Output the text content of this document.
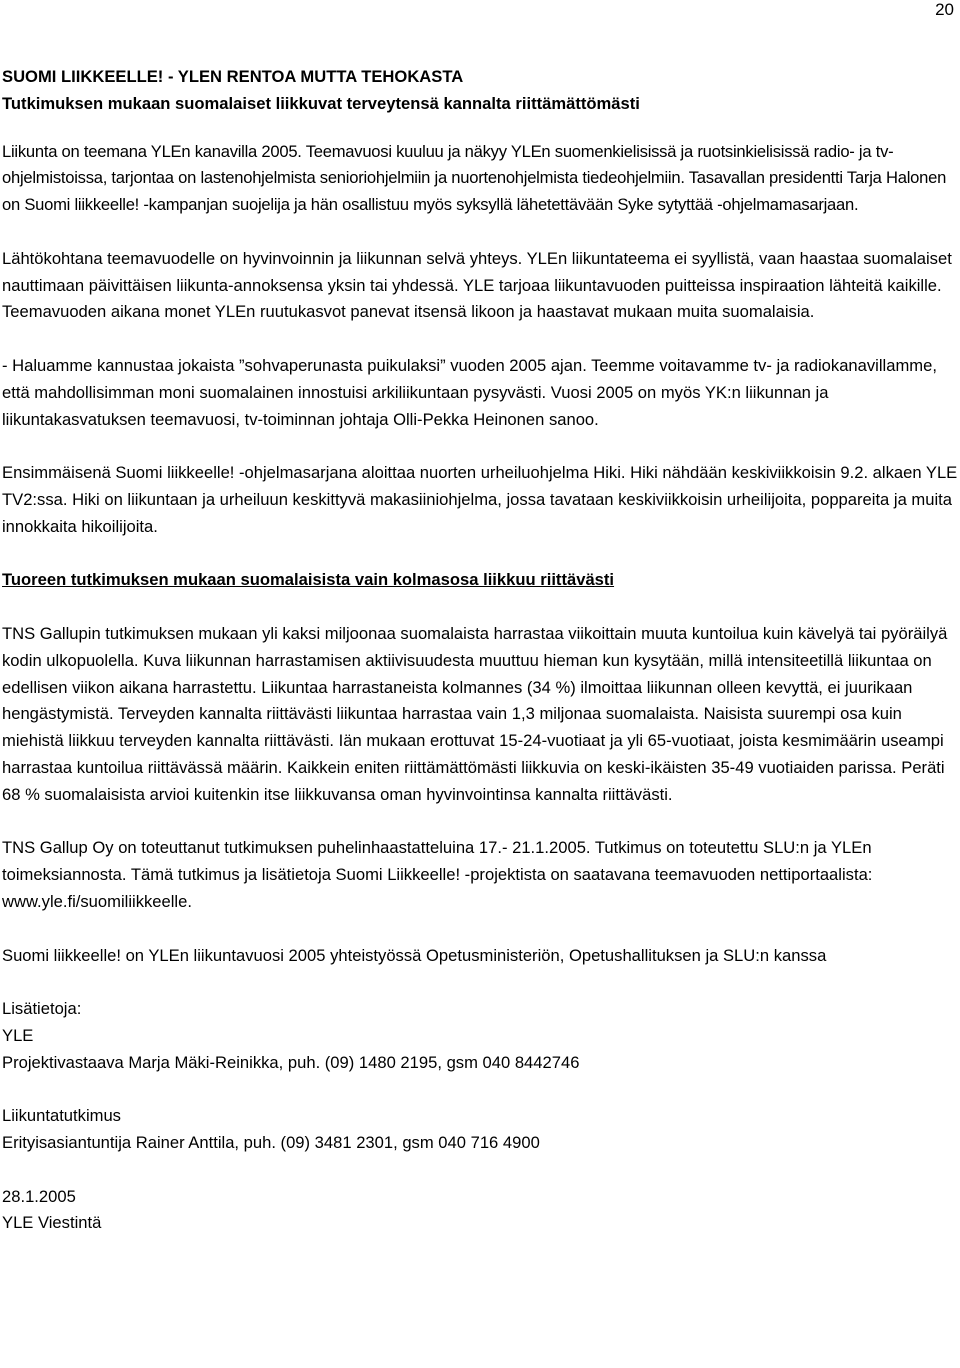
20

SUOMI LIIKKEELLE! - YLEN RENTOA MUTTA TEHOKASTA

Tutkimuksen mukaan suomalaiset liikkuvat terveytensä kannalta riittämättömästi

Liikunta on teemana YLEn kanavilla 2005. Teemavuosi kuuluu ja näkyy YLEn suomenkielisissä ja ruotsinkielisissä radio- ja tv-ohjelmistoissa, tarjontaa on lastenohjelmista senioriohjelmiin ja nuortenohjelmista tiedeohjelmiin. Tasavallan presidentti Tarja Halonen on Suomi liikkeelle! -kampanjan suojelija ja hän osallistuu myös syksyllä lähetettävään Syke sytyttää -ohjelmamasarjaan.

Lähtökohtana teemavuodelle on hyvinvoinnin ja liikunnan selvä yhteys. YLEn liikuntateema ei syyllistä, vaan haastaa suomalaiset nauttimaan päivittäisen liikunta-annoksensa yksin tai yhdessä. YLE tarjoaa liikuntavuoden puitteissa inspiraation lähteitä kaikille. Teemavuoden aikana monet YLEn ruutukasvot panevat itsensä likoon ja haastavat mukaan muita suomalaisia.

- Haluamme kannustaa jokaista ”sohvaperunasta puikulaksi” vuoden 2005 ajan. Teemme voitavamme tv- ja radiokanavillamme, että mahdollisimman moni suomalainen innostuisi arkiliikuntaan pysyvästi. Vuosi 2005 on myös YK:n liikunnan ja liikuntakasvatuksen teemavuosi, tv-toiminnan johtaja Olli-Pekka Heinonen sanoo.

Ensimmäisenä Suomi liikkeelle! -ohjelmasarjana aloittaa nuorten urheiluohjelma Hiki. Hiki nähdään keskiviikkoisin 9.2. alkaen YLE TV2:ssa. Hiki on liikuntaan ja urheiluun keskittyvä makasiiniohjelma, jossa tavataan keskiviikkoisin urheilijoita, poppareita ja muita innokkaita hikoilijoita.

Tuoreen tutkimuksen mukaan suomalaisista vain kolmasosa liikkuu riittävästi

TNS Gallupin tutkimuksen mukaan yli kaksi miljoonaa suomalaista harrastaa viikoittain muuta kuntoilua kuin kävelyä tai pyöräilyä kodin ulkopuolella. Kuva liikunnan harrastamisen aktiivisuudesta muuttuu hieman kun kysytään, millä intensiteetillä liikuntaa on edellisen viikon aikana harrastettu. Liikuntaa harrastaneista kolmannes (34 %) ilmoittaa liikunnan olleen kevyttä, ei juurikaan hengästymistä. Terveyden kannalta riittävästi liikuntaa harrastaa vain 1,3 miljonaa suomalaista. Naisista suurempi osa kuin miehistä liikkuu terveyden kannalta riittävästi. Iän mukaan erottuvat 15-24-vuotiaat ja yli 65-vuotiaat, joista kesmimäärin useampi harrastaa kuntoilua riittävässä määrin. Kaikkein eniten riittämättömästi liikkuvia on keski-ikäisten 35-49 vuotiaiden parissa. Peräti 68 % suomalaisista arvioi kuitenkin itse liikkuvansa oman hyvinvointinsa kannalta riittävästi.

TNS Gallup Oy on toteuttanut tutkimuksen puhelinhaastatteluina 17.- 21.1.2005. Tutkimus on toteutettu SLU:n ja YLEn toimeksiannosta. Tämä tutkimus ja lisätietoja Suomi Liikkeelle! -projektista on saatavana teemavuoden nettiportaalista: www.yle.fi/suomiliikkeelle.

Suomi liikkeelle! on YLEn liikuntavuosi 2005 yhteistyössä Opetusministeriön, Opetushallituksen ja SLU:n kanssa

Lisätietoja:

YLE

Projektivastaava Marja Mäki-Reinikka, puh. (09) 1480 2195, gsm 040 8442746

Liikuntatutkimus

Erityisasiantuntija Rainer Anttila, puh. (09) 3481 2301, gsm 040 716 4900

28.1.2005

YLE Viestintä
